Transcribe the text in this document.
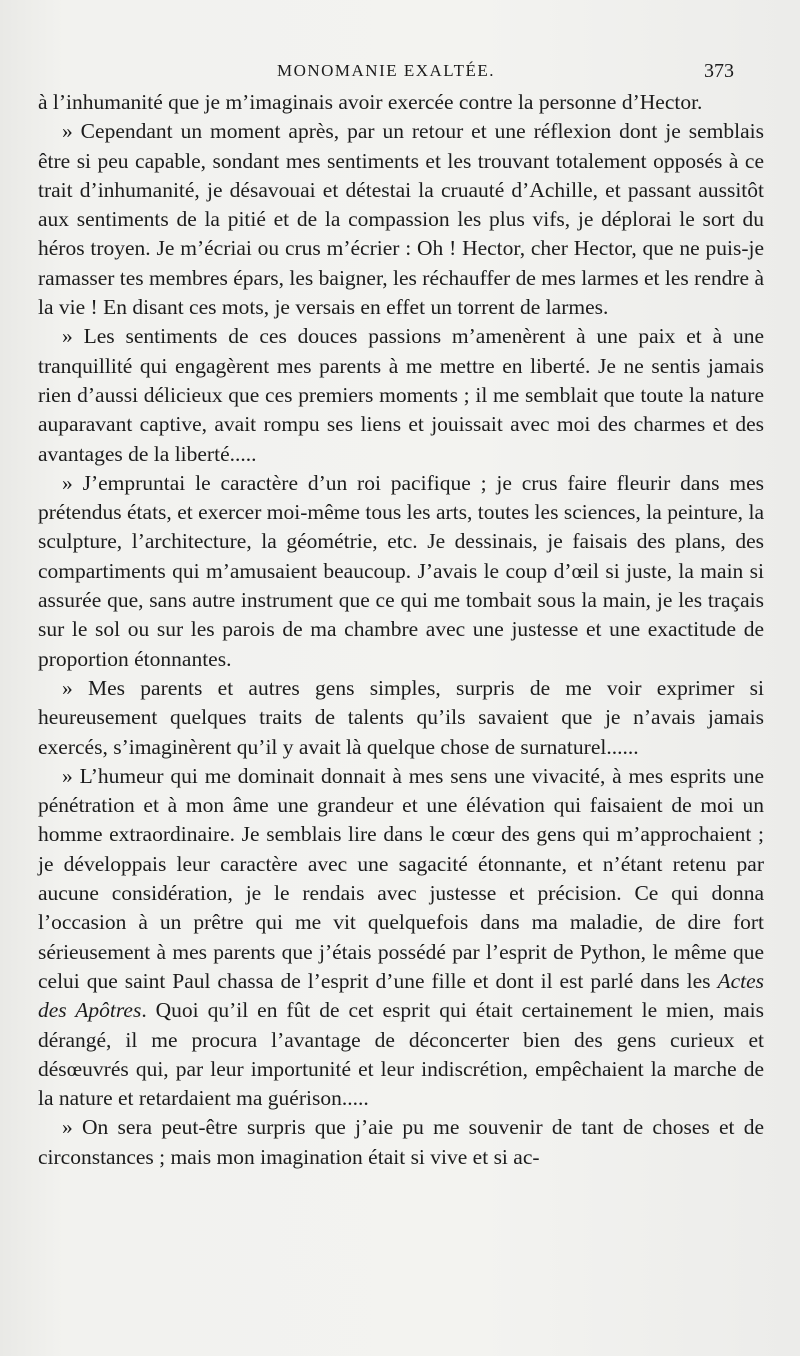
MONOMANIE EXALTÉE.	373

à l’inhumanité que je m’imaginais avoir exercée contre la personne d’Hector.

» Cependant un moment après, par un retour et une réflexion dont je semblais être si peu capable, sondant mes sentiments et les trouvant totalement opposés à ce trait d’inhumanité, je désavouai et détestai la cruauté d’Achille, et passant aussitôt aux sentiments de la pitié et de la compassion les plus vifs, je déplorai le sort du héros troyen. Je m’écriai ou crus m’écrier : Oh ! Hector, cher Hector, que ne puis-je ramasser tes membres épars, les baigner, les réchauffer de mes larmes et les rendre à la vie ! En disant ces mots, je versais en effet un torrent de larmes.

» Les sentiments de ces douces passions m’amenèrent à une paix et à une tranquillité qui engagèrent mes parents à me mettre en liberté. Je ne sentis jamais rien d’aussi délicieux que ces premiers moments ; il me semblait que toute la nature auparavant captive, avait rompu ses liens et jouissait avec moi des charmes et des avantages de la liberté.....

» J’empruntai le caractère d’un roi pacifique ; je crus faire fleurir dans mes prétendus états, et exercer moi-même tous les arts, toutes les sciences, la peinture, la sculpture, l’architecture, la géométrie, etc. Je dessinais, je faisais des plans, des compartiments qui m’amusaient beaucoup. J’avais le coup d’œil si juste, la main si assurée que, sans autre instrument que ce qui me tombait sous la main, je les traçais sur le sol ou sur les parois de ma chambre avec une justesse et une exactitude de proportion étonnantes.

» Mes parents et autres gens simples, surpris de me voir exprimer si heureusement quelques traits de talents qu’ils savaient que je n’avais jamais exercés, s’imaginèrent qu’il y avait là quelque chose de surnaturel......

» L’humeur qui me dominait donnait à mes sens une vivacité, à mes esprits une pénétration et à mon âme une grandeur et une élévation qui faisaient de moi un homme extraordinaire. Je semblais lire dans le cœur des gens qui m’approchaient ; je développais leur caractère avec une sagacité étonnante, et n’étant retenu par aucune considération, je le rendais avec justesse et précision. Ce qui donna l’occasion à un prêtre qui me vit quelquefois dans ma maladie, de dire fort sérieusement à mes parents que j’étais possédé par l’esprit de Python, le même que celui que saint Paul chassa de l’esprit d’une fille et dont il est parlé dans les Actes des Apôtres. Quoi qu’il en fût de cet esprit qui était certainement le mien, mais dérangé, il me procura l’avantage de déconcerter bien des gens curieux et désœuvrés qui, par leur importunité et leur indiscrétion, empêchaient la marche de la nature et retardaient ma guérison.....

» On sera peut-être surpris que j’aie pu me souvenir de tant de choses et de circonstances ; mais mon imagination était si vive et si ac-
